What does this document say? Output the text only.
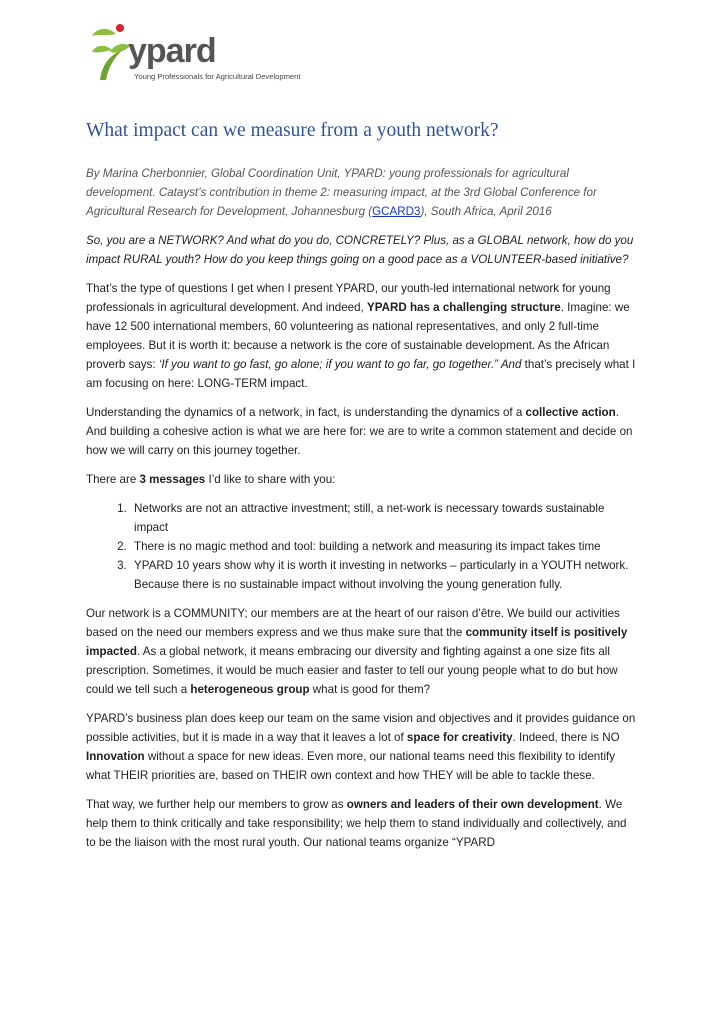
ypard
Young Professionals for Agricultural Development
What impact can we measure from a youth network?

By Marina Cherbonnier, Global Coordination Unit, YPARD: young professionals for agricultural development. Catayst’s contribution in theme 2: measuring impact, at the 3rd Global Conference for Agricultural Research for Development, Johannesburg (GCARD3), South Africa, April 2016

So, you are a NETWORK? And what do you do, CONCRETELY? Plus, as a GLOBAL network, how do you impact RURAL youth? How do you keep things going on a good pace as a VOLUNTEER-based initiative?

That’s the type of questions I get when I present YPARD, our youth-led international network for young professionals in agricultural development. And indeed, YPARD has a challenging structure. Imagine: we have 12 500 international members, 60 volunteering as national representatives, and only 2 full-time employees. But it is worth it: because a network is the core of sustainable development. As the African proverb says: ‘If you want to go fast, go alone; if you want to go far, go together.” And that’s precisely what I am focusing on here: LONG-TERM impact.

Understanding the dynamics of a network, in fact, is understanding the dynamics of a collective action. And building a cohesive action is what we are here for: we are to write a common statement and decide on how we will carry on this journey together.

There are 3 messages I’d like to share with you:

1. Networks are not an attractive investment; still, a net-work is necessary towards sustainable impact
2. There is no magic method and tool: building a network and measuring its impact takes time
3. YPARD 10 years show why it is worth it investing in networks – particularly in a YOUTH network. Because there is no sustainable impact without involving the young generation fully.

Our network is a COMMUNITY; our members are at the heart of our raison d’être. We build our activities based on the need our members express and we thus make sure that the community itself is positively impacted. As a global network, it means embracing our diversity and fighting against a one size fits all prescription. Sometimes, it would be much easier and faster to tell our young people what to do but how could we tell such a heterogeneous group what is good for them?

YPARD’s business plan does keep our team on the same vision and objectives and it provides guidance on possible activities, but it is made in a way that it leaves a lot of space for creativity. Indeed, there is NO Innovation without a space for new ideas. Even more, our national teams need this flexibility to identify what THEIR priorities are, based on THEIR own context and how THEY will be able to tackle these.

That way, we further help our members to grow as owners and leaders of their own development. We help them to think critically and take responsibility; we help them to stand individually and collectively, and to be the liaison with the most rural youth. Our national teams organize “YPARD
